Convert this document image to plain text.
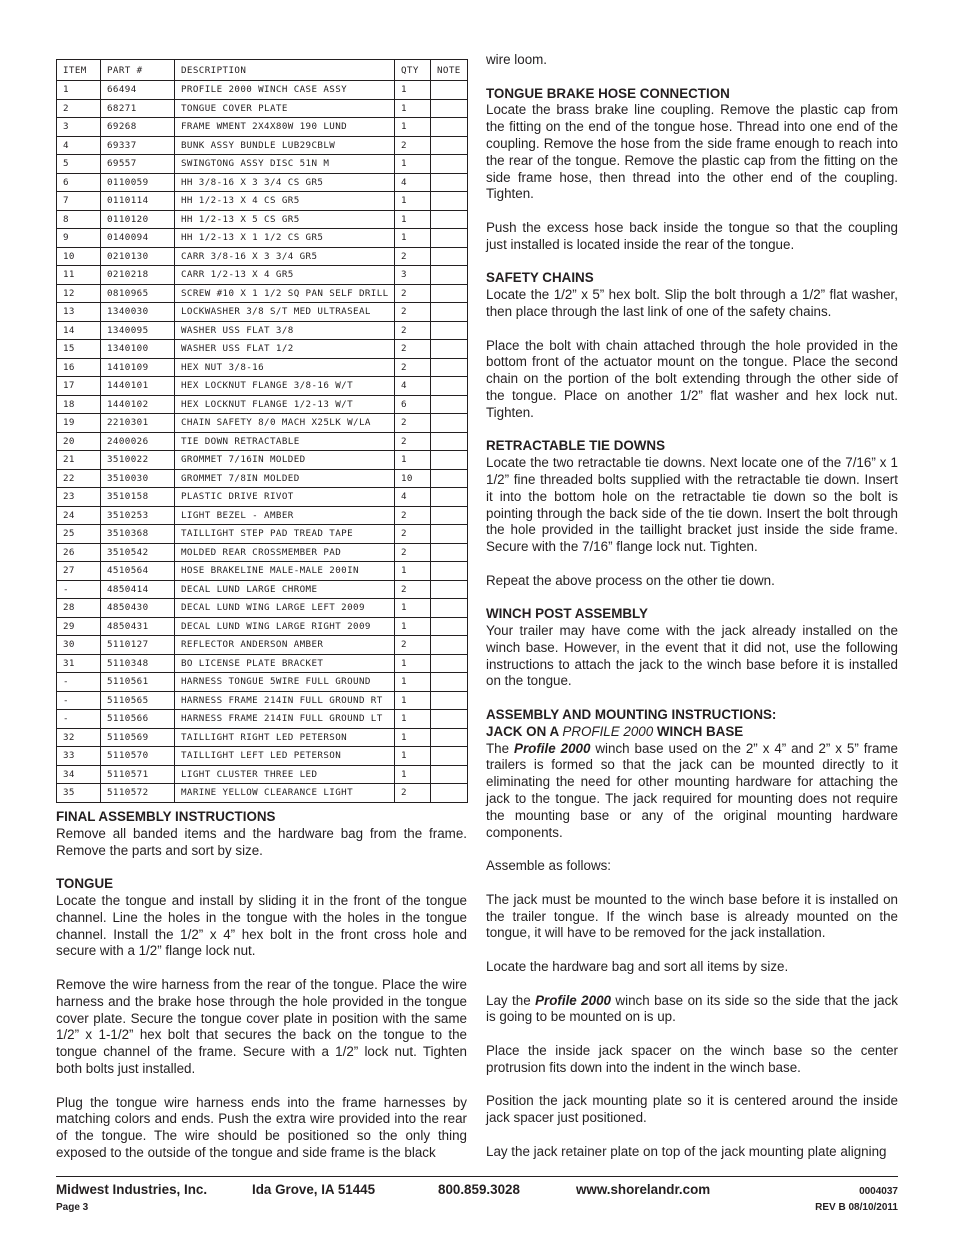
ITEM	PART #	DESCRIPTION	QTY	NOTE
1	66494	PROFILE 2000 WINCH CASE ASSY	1	
2	68271	TONGUE COVER PLATE	1	
3	69268	FRAME WMENT 2X4X80W 190 LUND	1	
4	69337	BUNK ASSY BUNDLE LUB29CBLW	2	
5	69557	SWINGTONG ASSY DISC 51N M	1	
6	0110059	HH 3/8-16 X 3 3/4 CS GR5	4	
7	0110114	HH 1/2-13 X 4 CS GR5	1	
8	0110120	HH 1/2-13 X 5 CS GR5	1	
9	0140094	HH 1/2-13 X 1 1/2 CS GR5	1	
10	0210130	CARR 3/8-16 X 3 3/4 GR5	2	
11	0210218	CARR 1/2-13 X 4 GR5	3	
12	0810965	SCREW #10 X 1 1/2 SQ PAN SELF DRILL	2	
13	1340030	LOCKWASHER 3/8 S/T MED ULTRASEAL	2	
14	1340095	WASHER USS FLAT 3/8	2	
15	1340100	WASHER USS FLAT 1/2	2	
16	1410109	HEX NUT 3/8-16	2	
17	1440101	HEX LOCKNUT FLANGE 3/8-16 W/T	4	
18	1440102	HEX LOCKNUT FLANGE 1/2-13 W/T	6	
19	2210301	CHAIN SAFETY 8/0 MACH X25LK W/LA	2	
20	2400026	TIE DOWN RETRACTABLE	2	
21	3510022	GROMMET 7/16IN MOLDED	1	
22	3510030	GROMMET 7/8IN MOLDED	10	
23	3510158	PLASTIC DRIVE RIVOT	4	
24	3510253	LIGHT BEZEL - AMBER	2	
25	3510368	TAILLIGHT STEP PAD TREAD TAPE	2	
26	3510542	MOLDED REAR CROSSMEMBER PAD	2	
27	4510564	HOSE BRAKELINE MALE-MALE 200IN	1	
-	4850414	DECAL LUND LARGE CHROME	2	
28	4850430	DECAL LUND WING LARGE LEFT 2009	1	
29	4850431	DECAL LUND WING LARGE RIGHT 2009	1	
30	5110127	REFLECTOR ANDERSON AMBER	2	
31	5110348	BO LICENSE PLATE BRACKET	1	
-	5110561	HARNESS TONGUE 5WIRE FULL GROUND	1	
-	5110565	HARNESS FRAME 214IN FULL GROUND RT	1	
-	5110566	HARNESS FRAME 214IN FULL GROUND LT	1	
32	5110569	TAILLIGHT RIGHT LED PETERSON	1	
33	5110570	TAILLIGHT LEFT LED PETERSON	1	
34	5110571	LIGHT CLUSTER THREE LED	1	
35	5110572	MARINE YELLOW CLEARANCE LIGHT	2	
FINAL ASSEMBLY INSTRUCTIONS
Remove all banded items and the hardware bag from the frame. Remove the parts and sort by size.
TONGUE

Locate the tongue and install by sliding it in the front of the tongue channel. Line the holes in the tongue with the holes in the tongue channel. Install the 1/2” x 4” hex bolt in the front cross hole and secure with a 1/2” flange lock nut.

Remove the wire harness from the rear of the tongue. Place the wire harness and the brake hose through the hole provided in the tongue cover plate. Secure the tongue cover plate in position with the same 1/2” x 1-1/2” hex bolt that secures the back on the tongue to the tongue channel of the frame. Secure with a 1/2” lock nut. Tighten both bolts just installed.

Plug the tongue wire harness ends into the frame harnesses by matching colors and ends. Push the extra wire provided into the rear of the tongue. The wire should be positioned so the only thing exposed to the outside of the tongue and side frame is the black

wire loom.

TONGUE BRAKE HOSE CONNECTION

Locate the brass brake line coupling. Remove the plastic cap from the fitting on the end of the tongue hose. Thread into one end of the coupling. Remove the hose from the side frame enough to reach into the rear of the tongue. Remove the plastic cap from the fitting on the side frame hose, then thread into the other end of the coupling. Tighten.

Push the excess hose back inside the tongue so that the coupling just installed is located inside the rear of the tongue.

SAFETY CHAINS

Locate the 1/2” x 5” hex bolt. Slip the bolt through a 1/2” flat washer, then place through the last link of one of the safety chains.

Place the bolt with chain attached through the hole provided in the bottom front of the actuator mount on the tongue. Place the second chain on the portion of the bolt extending through the other side of the tongue. Place on another 1/2” flat washer and hex lock nut. Tighten.

RETRACTABLE TIE DOWNS

Locate the two retractable tie downs. Next locate one of the 7/16” x 1 1/2” fine threaded bolts supplied with the retractable tie down. Insert it into the bottom hole on the retractable tie down so the bolt is pointing through the back side of the tie down. Insert the bolt through the hole provided in the taillight bracket just inside the side frame. Secure with the 7/16” flange lock nut. Tighten.

Repeat the above process on the other tie down.

WINCH POST ASSEMBLY

Your trailer may have come with the jack already installed on the winch base. However, in the event that it did not, use the following instructions to attach the jack to the winch base before it is installed on the tongue.

ASSEMBLY AND MOUNTING INSTRUCTIONS:
JACK ON A PROFILE 2000 WINCH BASE

The Profile 2000 winch base used on the 2” x 4” and 2” x 5” frame trailers is formed so that the jack can be mounted directly to it eliminating the need for other mounting hardware for attaching the jack to the tongue. The jack required for mounting does not require the mounting base or any of the original mounting hardware components.

Assemble as follows:

The jack must be mounted to the winch base before it is installed on the trailer tongue. If the winch base is already mounted on the tongue, it will have to be removed for the jack installation.

Locate the hardware bag and sort all items by size.

Lay the Profile 2000 winch base on its side so the side that the jack is going to be mounted on is up.

Place the inside jack spacer on the winch base so the center protrusion fits down into the indent in the winch base.

Position the jack mounting plate so it is centered around the inside jack spacer just positioned.

Lay the jack retainer plate on top of the jack mounting plate aligning

Midwest Industries, Inc.	Ida Grove, IA 51445	800.859.3028	www.shorelandr.com	0004037
Page 3	REV B 08/10/2011
